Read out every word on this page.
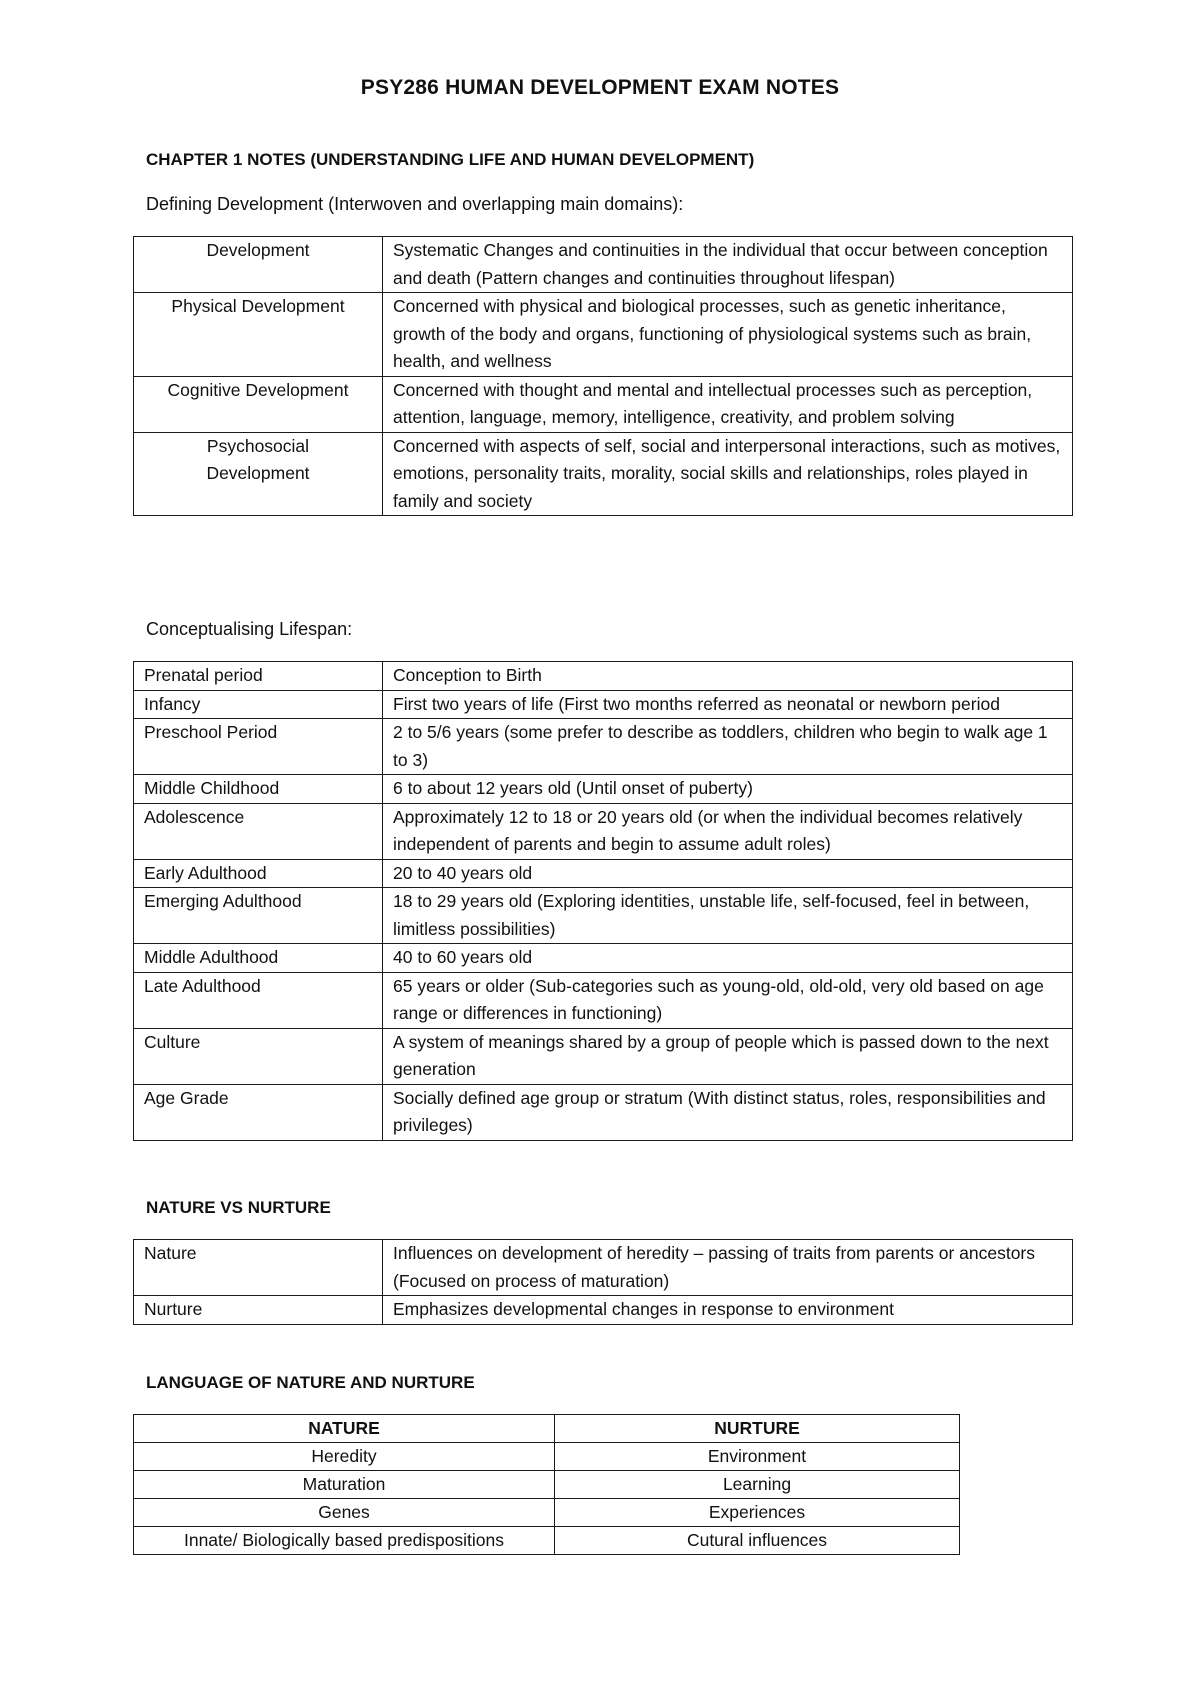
PSY286 HUMAN DEVELOPMENT EXAM NOTES
CHAPTER 1 NOTES (UNDERSTANDING LIFE AND HUMAN DEVELOPMENT)
Defining Development (Interwoven and overlapping main domains):
Development	Systematic Changes and continuities in the individual that occur between conception and death (Pattern changes and continuities throughout lifespan)
Physical Development	Concerned with physical and biological processes, such as genetic inheritance, growth of the body and organs, functioning of physiological systems such as brain, health, and wellness
Cognitive Development	Concerned with thought and mental and intellectual processes such as perception, attention, language, memory, intelligence, creativity, and problem solving
Psychosocial Development	Concerned with aspects of self, social and interpersonal interactions, such as motives, emotions, personality traits, morality, social skills and relationships, roles played in family and society
Conceptualising Lifespan:
Prenatal period	Conception to Birth
Infancy	First two years of life (First two months referred as neonatal or newborn period
Preschool Period	2 to 5/6 years (some prefer to describe as toddlers, children who begin to walk age 1 to 3)
Middle Childhood	6 to about 12 years old (Until onset of puberty)
Adolescence	Approximately 12 to 18 or 20 years old (or when the individual becomes relatively independent of parents and begin to assume adult roles)
Early Adulthood	20 to 40 years old
Emerging Adulthood	18 to 29 years old (Exploring identities, unstable life, self-focused, feel in between, limitless possibilities)
Middle Adulthood	40 to 60 years old
Late Adulthood	65 years or older (Sub-categories such as young-old, old-old, very old based on age range or differences in functioning)
Culture	A system of meanings shared by a group of people which is passed down to the next generation
Age Grade	Socially defined age group or stratum (With distinct status, roles, responsibilities and privileges)
NATURE VS NURTURE
Nature	Influences on development of heredity – passing of traits from parents or ancestors (Focused on process of maturation)
Nurture	Emphasizes developmental changes in response to environment
LANGUAGE OF NATURE AND NURTURE
NATURE	NURTURE
Heredity	Environment
Maturation	Learning
Genes	Experiences
Innate/ Biologically based predispositions	Cutural influences
